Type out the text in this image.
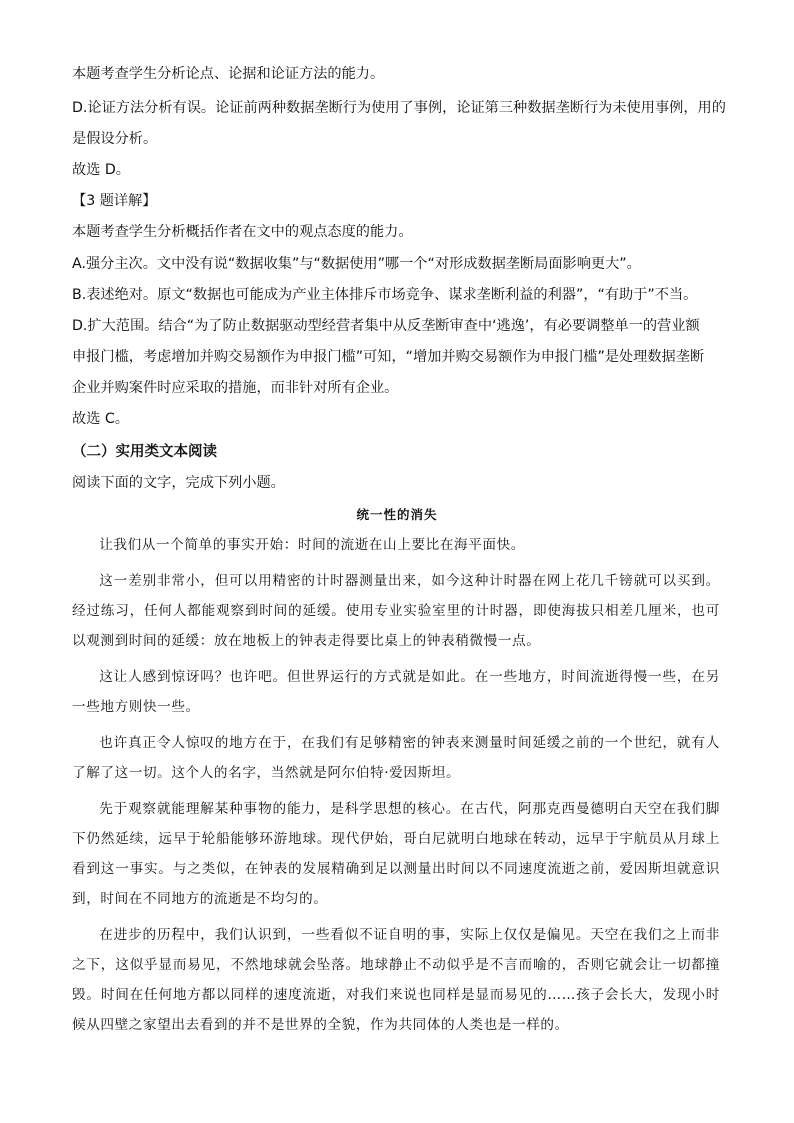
本题考查学生分析论点、论据和论证方法的能力。
D.论证方法分析有误。论证前两种数据垄断行为使用了事例，论证第三种数据垄断行为未使用事例，用的
是假设分析。
故选 D。
【3 题详解】
本题考查学生分析概括作者在文中的观点态度的能力。
A.强分主次。文中没有说“数据收集”与“数据使用”哪一个“对形成数据垄断局面影响更大”。
B.表述绝对。原文“数据也可能成为产业主体排斥市场竞争、谋求垄断利益的利器”，“有助于”不当。
D.扩大范围。结合“为了防止数据驱动型经营者集中从反垄断审查中‘逃逸’，有必要调整单一的营业额
申报门槛，考虑增加并购交易额作为申报门槛”可知，“增加并购交易额作为申报门槛”是处理数据垄断
企业并购案件时应采取的措施，而非针对所有企业。
故选 C。
（二）实用类文本阅读
阅读下面的文字，完成下列小题。
统一性的消失

让我们从一个简单的事实开始：时间的流逝在山上要比在海平面快。

这一差别非常小，但可以用精密的计时器测量出来，如今这种计时器在网上花几千镑就可以买到。经过练习，任何人都能观察到时间的延缓。使用专业实验室里的计时器，即使海拔只相差几厘米，也可以观测到时间的延缓：放在地板上的钟表走得要比桌上的钟表稍微慢一点。

这让人感到惊讶吗？也许吧。但世界运行的方式就是如此。在一些地方，时间流逝得慢一些，在另一些地方则快一些。

也许真正令人惊叹的地方在于，在我们有足够精密的钟表来测量时间延缓之前的一个世纪，就有人了解了这一切。这个人的名字，当然就是阿尔伯特·爱因斯坦。

先于观察就能理解某种事物的能力，是科学思想的核心。在古代，阿那克西曼德明白天空在我们脚下仍然延续，远早于轮船能够环游地球。现代伊始，哥白尼就明白地球在转动，远早于宇航员从月球上看到这一事实。与之类似，在钟表的发展精确到足以测量出时间以不同速度流逝之前，爱因斯坦就意识到，时间在不同地方的流逝是不均匀的。

在进步的历程中，我们认识到，一些看似不证自明的事，实际上仅仅是偏见。天空在我们之上而非之下，这似乎显而易见，不然地球就会坠落。地球静止不动似乎是不言而喻的，否则它就会让一切都撞毁。时间在任何地方都以同样的速度流逝，对我们来说也同样是显而易见的……孩子会长大，发现小时候从四壁之家望出去看到的并不是世界的全貌，作为共同体的人类也是一样的。
